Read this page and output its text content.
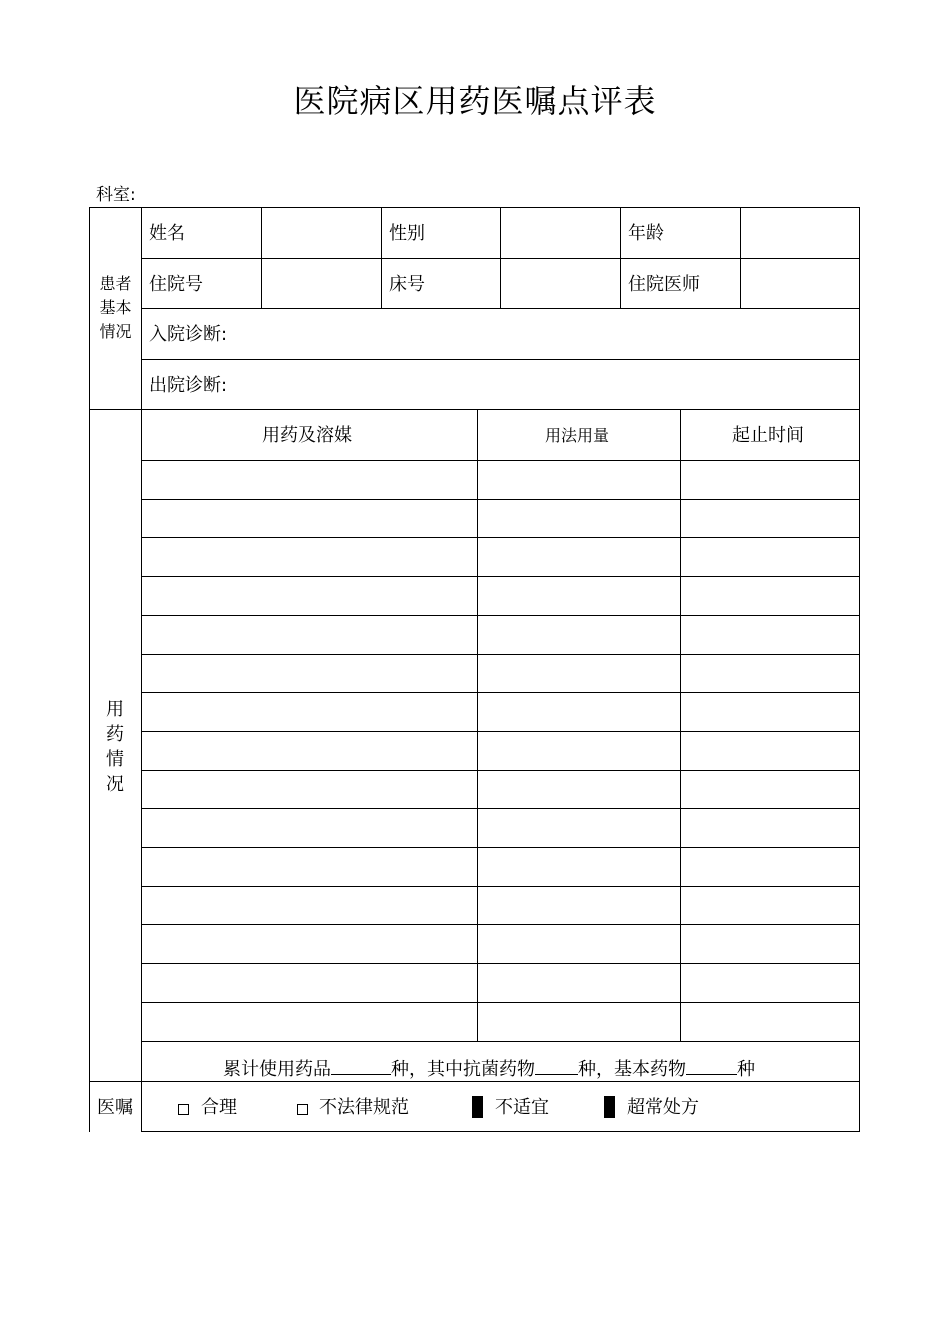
医院病区用药医嘱点评表
科室:
患者
基本
情况
姓名	性别	年龄
住院号	床号	住院医师
入院诊断:
出院诊断:
用
药
情
况
用药及溶媒	用法用量	起止时间
累计使用药品	种，其中抗菌药物 种，基本药物	种
医嘱	合理	不法律规范	不适宜	超常处方
